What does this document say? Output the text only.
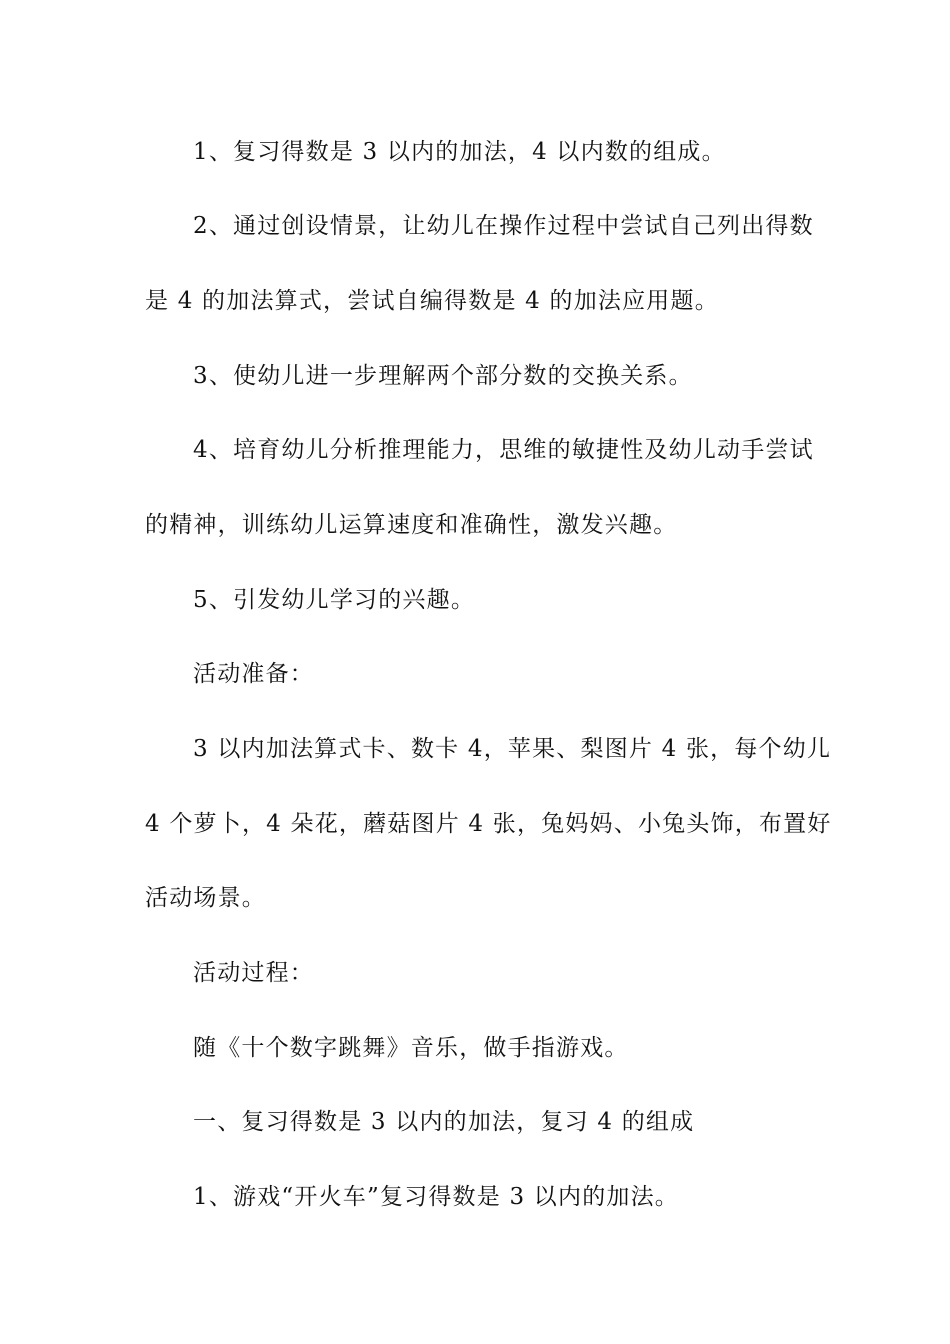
1、复习得数是 3 以内的加法，4 以内数的组成。
2、通过创设情景，让幼儿在操作过程中尝试自己列出得数
是 4 的加法算式，尝试自编得数是 4 的加法应用题。
3、使幼儿进一步理解两个部分数的交换关系。
4、培育幼儿分析推理能力，思维的敏捷性及幼儿动手尝试
的精神，训练幼儿运算速度和准确性，激发兴趣。
5、引发幼儿学习的兴趣。
活动准备：
3 以内加法算式卡、数卡 4，苹果、梨图片 4 张，每个幼儿
4 个萝卜，4 朵花，蘑菇图片 4 张，兔妈妈、小兔头饰，布置好
活动场景。
活动过程：
随《十个数字跳舞》音乐，做手指游戏。
一、复习得数是 3 以内的加法，复习 4 的组成
1、游戏“开火车”复习得数是 3 以内的加法。
